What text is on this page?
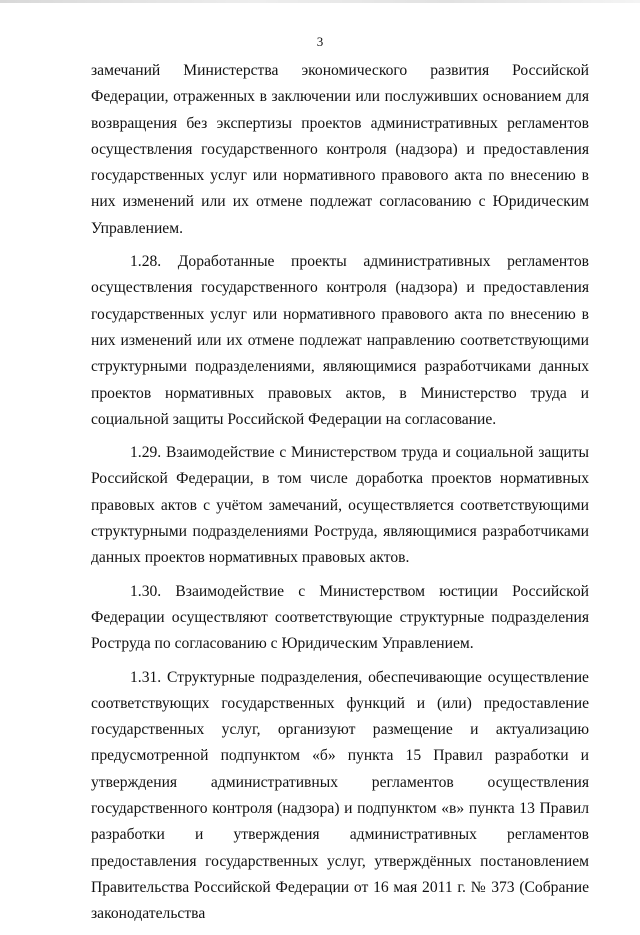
3

замечаний Министерства экономического развития Российской Федерации, отраженных в заключении или послуживших основанием для возвращения без экспертизы проектов административных регламентов осуществления государственного контроля (надзора) и предоставления государственных услуг или нормативного правового акта по внесению в них изменений или их отмене подлежат согласованию с Юридическим Управлением.

1.28. Доработанные проекты административных регламентов осуществления государственного контроля (надзора) и предоставления государственных услуг или нормативного правового акта по внесению в них изменений или их отмене подлежат направлению соответствующими структурными подразделениями, являющимися разработчиками данных проектов нормативных правовых актов, в Министерство труда и социальной защиты Российской Федерации на согласование.

1.29. Взаимодействие с Министерством труда и социальной защиты Российской Федерации, в том числе доработка проектов нормативных правовых актов с учётом замечаний, осуществляется соответствующими структурными подразделениями Роструда, являющимися разработчиками данных проектов нормативных правовых актов.

1.30. Взаимодействие с Министерством юстиции Российской Федерации осуществляют соответствующие структурные подразделения Роструда по согласованию с Юридическим Управлением.

1.31. Структурные подразделения, обеспечивающие осуществление соответствующих государственных функций и (или) предоставление государственных услуг, организуют размещение и актуализацию предусмотренной подпунктом «б» пункта 15 Правил разработки и утверждения административных регламентов осуществления государственного контроля (надзора) и подпунктом «в» пункта 13 Правил разработки и утверждения административных регламентов предоставления государственных услуг, утверждённых постановлением Правительства Российской Федерации от 16 мая 2011 г. № 373 (Собрание законодательства
